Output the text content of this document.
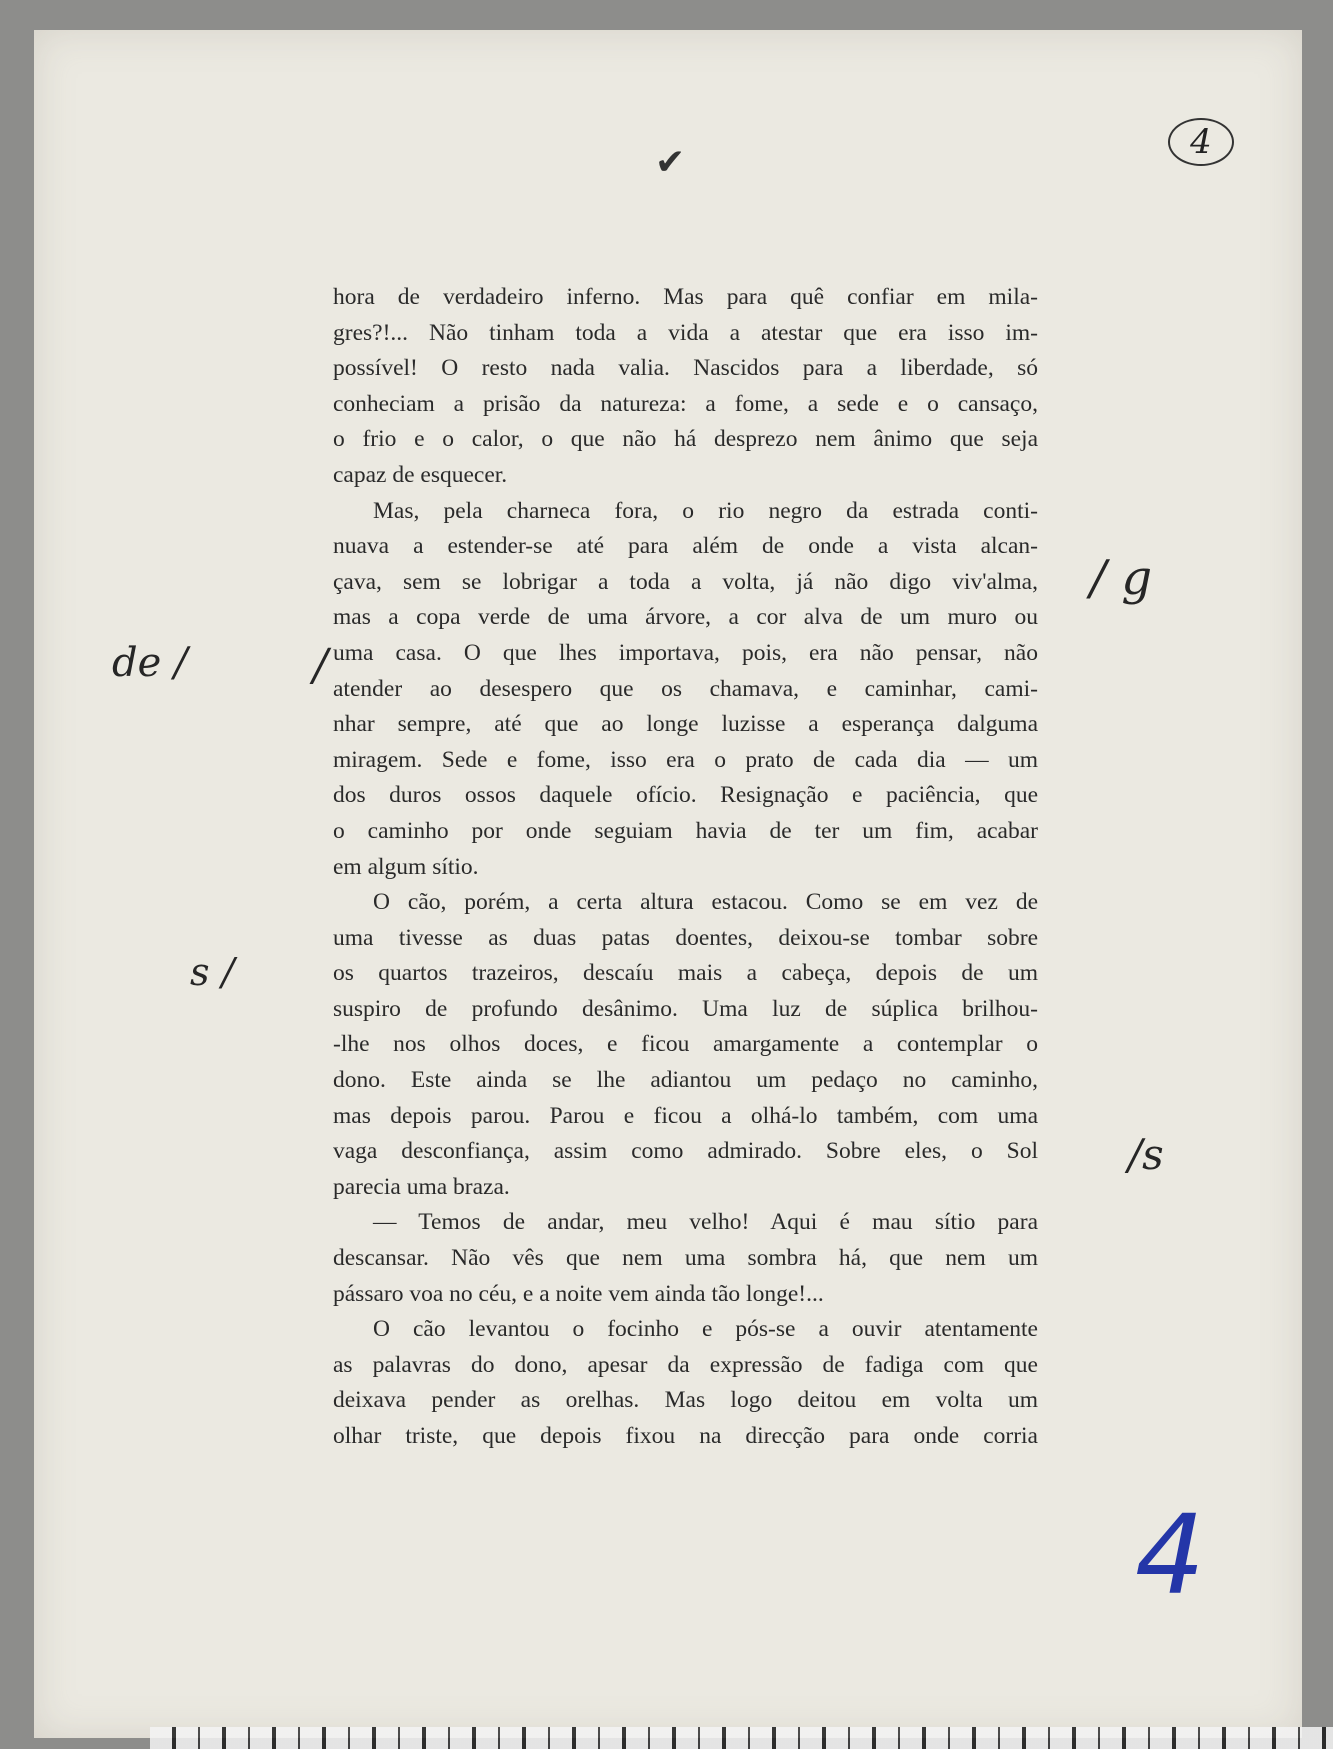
✔	4
de /
s /
/
/ g
/s
hora de verdadeiro inferno. Mas para quê confiar em mila-
gres?!... Não tinham toda a vida a atestar que era isso im-
possível! O resto nada valia. Nascidos para a liberdade, só
conheciam a prisão da natureza: a fome, a sede e o cansaço,
o frio e o calor, o que não há desprezo nem ânimo que seja
capaz de esquecer.
Mas, pela charneca fora, o rio negro da estrada conti-
nuava a estender-se até para além de onde a vista alcan-
çava, sem se lobrigar a toda a volta, já não digo viv'alma,
mas a copa verde de uma árvore, a cor alva de um muro ou
uma casa. O que lhes importava, pois, era não pensar, não
atender ao desespero que os chamava, e caminhar, cami-
nhar sempre, até que ao longe luzisse a esperança dalguma
miragem. Sede e fome, isso era o prato de cada dia — um
dos duros ossos daquele ofício. Resignação e paciência, que
o caminho por onde seguiam havia de ter um fim, acabar
em algum sítio.
O cão, porém, a certa altura estacou. Como se em vez de
uma tivesse as duas patas doentes, deixou-se tombar sobre
os quartos trazeiros, descaíu mais a cabeça, depois de um
suspiro de profundo desânimo. Uma luz de súplica brilhou-
-lhe nos olhos doces, e ficou amargamente a contemplar o
dono. Este ainda se lhe adiantou um pedaço no caminho,
mas depois parou. Parou e ficou a olhá-lo também, com uma
vaga desconfiança, assim como admirado. Sobre eles, o Sol
parecia uma braza.
— Temos de andar, meu velho! Aqui é mau sítio para
descansar. Não vês que nem uma sombra há, que nem um
pássaro voa no céu, e a noite vem ainda tão longe!...
O cão levantou o focinho e pós-se a ouvir atentamente
as palavras do dono, apesar da expressão de fadiga com que
deixava pender as orelhas. Mas logo deitou em volta um
olhar triste, que depois fixou na direcção para onde corria
4
